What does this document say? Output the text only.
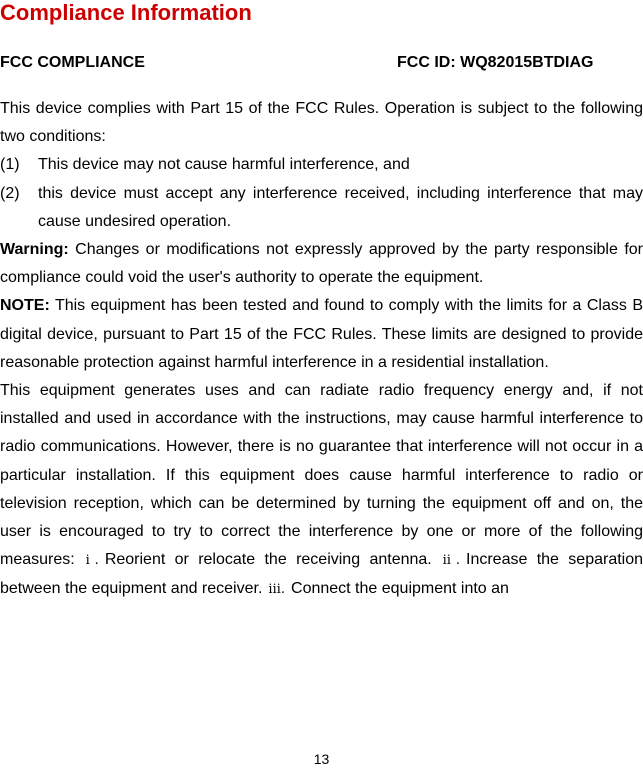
Compliance Information
FCC COMPLIANCE	FCC ID: WQ82015BTDIAG

This device complies with Part 15 of the FCC Rules. Operation is subject to the following two conditions:

(1)	This device may not cause harmful interference, and
(2)	this device must accept any interference received, including interference that may cause undesired operation.

Warning: Changes or modifications not expressly approved by the party responsible for compliance could void the user's authority to operate the equipment.

NOTE: This equipment has been tested and found to comply with the limits for a Class B digital device, pursuant to Part 15 of the FCC Rules. These limits are designed to provide reasonable protection against harmful interference in a residential installation.

This equipment generates uses and can radiate radio frequency energy and, if not installed and used in accordance with the instructions, may cause harmful interference to radio communications. However, there is no guarantee that interference will not occur in a particular installation. If this equipment does cause harmful interference to radio or television reception, which can be determined by turning the equipment off and on, the user is encouraged to try to correct the interference by one or more of the following measures: ⅰ. Reorient or relocate the receiving antenna. ⅱ. Increase the separation between the equipment and receiver. ⅲ. Connect the equipment into an

13
